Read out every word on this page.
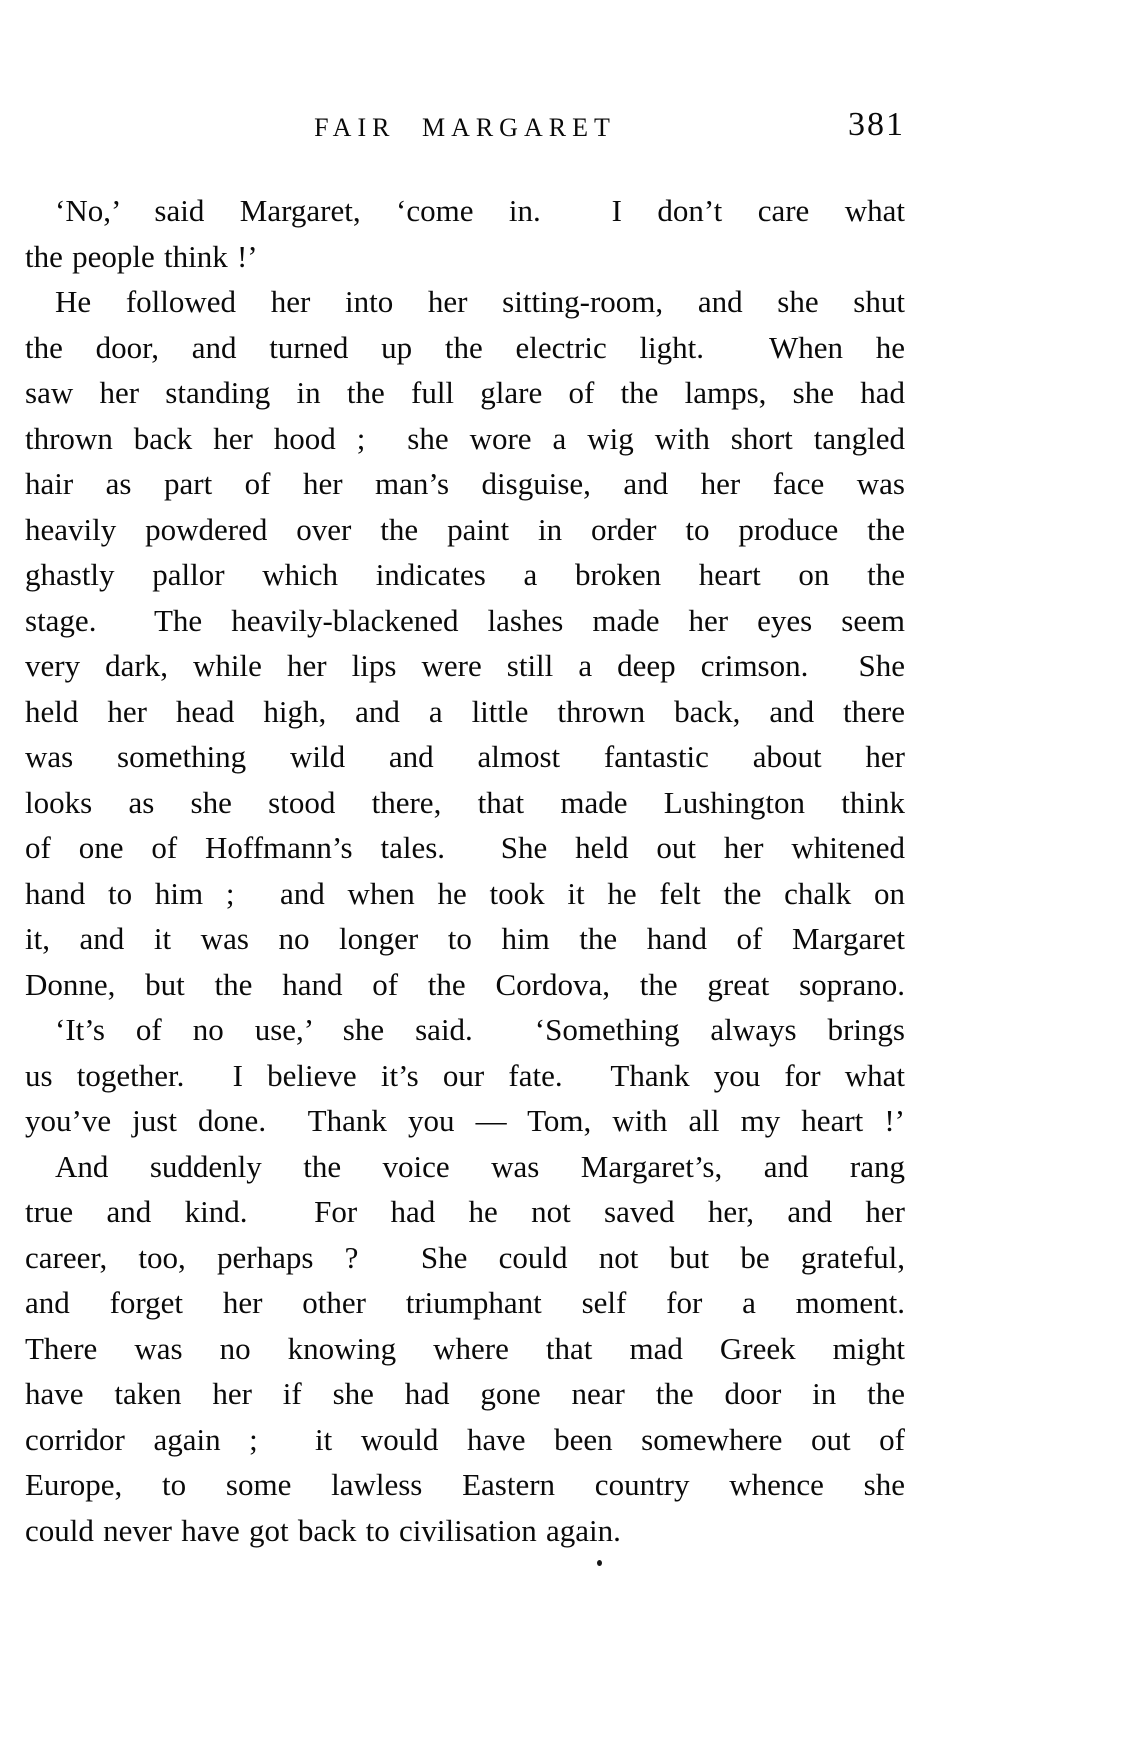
FAIR MARGARET	381
‘No,’ said Margaret, ‘come in.  I don’t care what
the people think !’
He followed her into her sitting-room, and she shut
the door, and turned up the electric light.  When he
saw her standing in the full glare of the lamps, she had
thrown back her hood ;  she wore a wig with short tangled
hair as part of her man’s disguise, and her face was
heavily powdered over the paint in order to produce the
ghastly pallor which indicates a broken heart on the
stage.  The heavily-blackened lashes made her eyes seem
very dark, while her lips were still a deep crimson.  She
held her head high, and a little thrown back, and there
was something wild and almost fantastic about her
looks as she stood there, that made Lushington think
of one of Hoffmann’s tales.  She held out her whitened
hand to him ;  and when he took it he felt the chalk on
it, and it was no longer to him the hand of Margaret
Donne, but the hand of the Cordova, the great soprano.
‘It’s of no use,’ she said.  ‘Something always brings
us together.  I believe it’s our fate.  Thank you for what
you’ve just done.  Thank you — Tom, with all my heart !’
And suddenly the voice was Margaret’s, and rang
true and kind.  For had he not saved her, and her
career, too, perhaps ?  She could not but be grateful,
and forget her other triumphant self for a moment.
There was no knowing where that mad Greek might
have taken her if she had gone near the door in the
corridor again ;  it would have been somewhere out of
Europe, to some lawless Eastern country whence she
could never have got back to civilisation again.
